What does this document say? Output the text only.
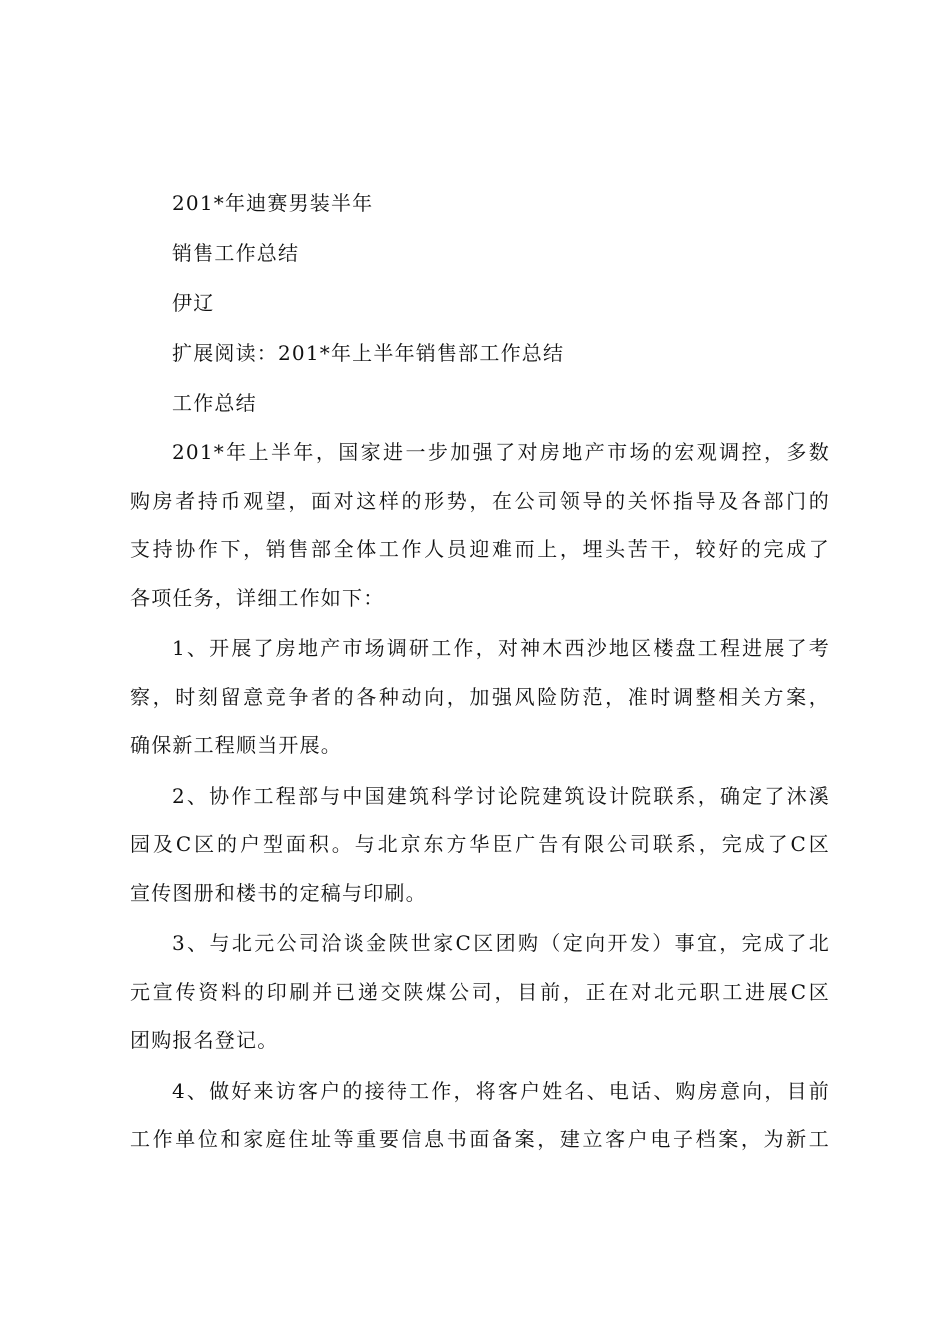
201*年迪赛男装半年

销售工作总结

伊辽

扩展阅读：201*年上半年销售部工作总结

工作总结

201*年上半年，国家进一步加强了对房地产市场的宏观调控，多数
购房者持币观望，面对这样的形势，在公司领导的关怀指导及各部门的
支持协作下，销售部全体工作人员迎难而上，埋头苦干，较好的完成了
各项任务，详细工作如下：

1、开展了房地产市场调研工作，对神木西沙地区楼盘工程进展了考
察，时刻留意竞争者的各种动向，加强风险防范，准时调整相关方案，
确保新工程顺当开展。

2、协作工程部与中国建筑科学讨论院建筑设计院联系，确定了沐溪
园及C区的户型面积。与北京东方华臣广告有限公司联系，完成了C区
宣传图册和楼书的定稿与印刷。

3、与北元公司洽谈金陕世家C区团购（定向开发）事宜，完成了北
元宣传资料的印刷并已递交陕煤公司，目前，正在对北元职工进展C区
团购报名登记。

4、做好来访客户的接待工作，将客户姓名、电话、购房意向，目前
工作单位和家庭住址等重要信息书面备案，建立客户电子档案，为新工
